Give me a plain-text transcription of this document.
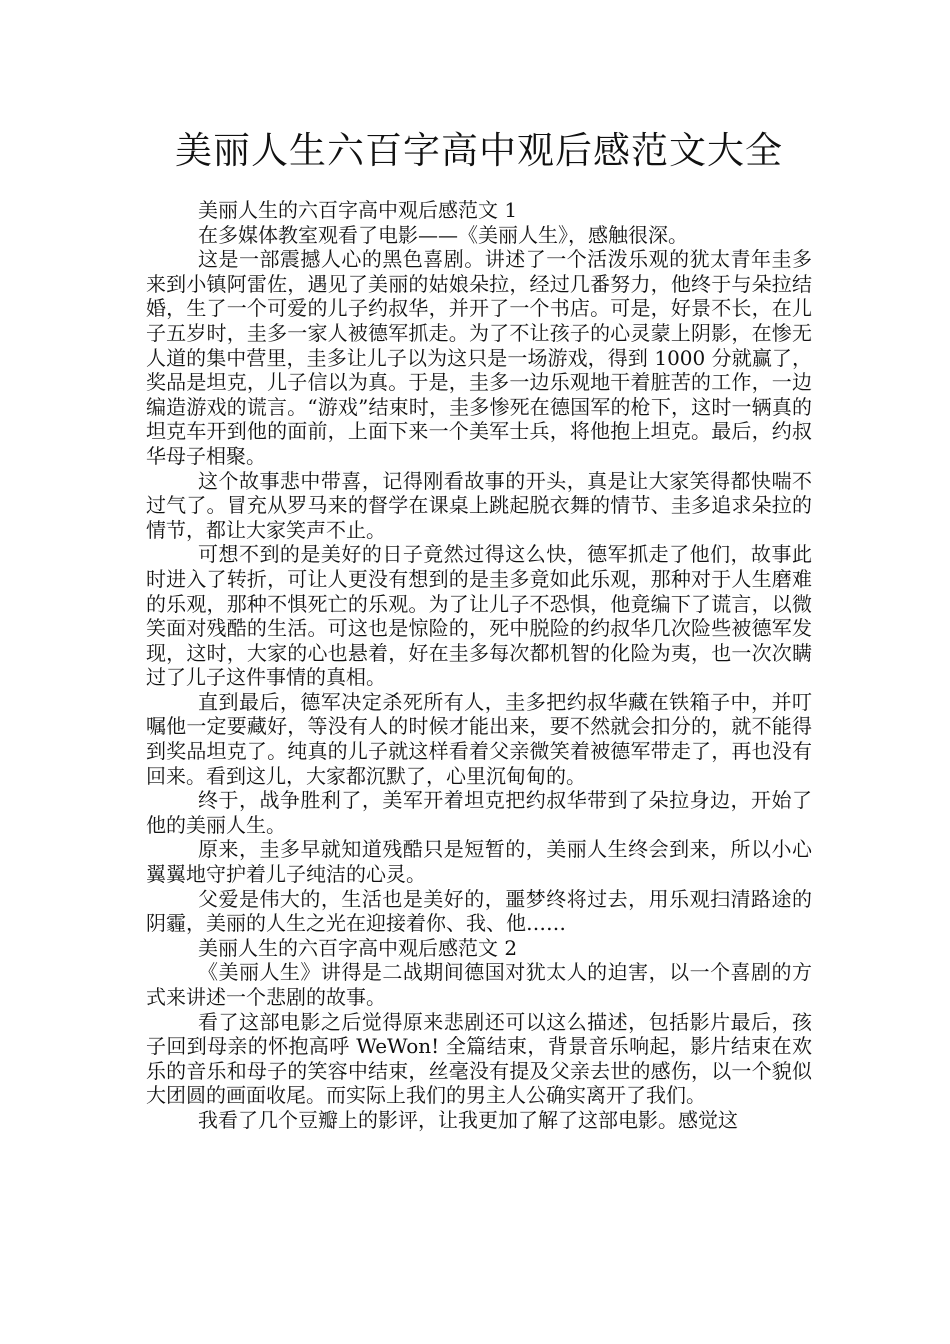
美丽人生六百字高中观后感范文大全

美丽人生的六百字高中观后感范文 1

在多媒体教室观看了电影——《美丽人生》，感触很深。

这是一部震撼人心的黑色喜剧。讲述了一个活泼乐观的犹太青年圭多来到小镇阿雷佐，遇见了美丽的姑娘朵拉，经过几番努力，他终于与朵拉结婚，生了一个可爱的儿子约叔华，并开了一个书店。可是，好景不长，在儿子五岁时，圭多一家人被德军抓走。为了不让孩子的心灵蒙上阴影，在惨无人道的集中营里，圭多让儿子以为这只是一场游戏，得到 1000 分就赢了，奖品是坦克，儿子信以为真。于是，圭多一边乐观地干着脏苦的工作，一边编造游戏的谎言。“游戏”结束时，圭多惨死在德国军的枪下，这时一辆真的坦克车开到他的面前，上面下来一个美军士兵，将他抱上坦克。最后，约叔华母子相聚。

这个故事悲中带喜，记得刚看故事的开头，真是让大家笑得都快喘不过气了。冒充从罗马来的督学在课桌上跳起脱衣舞的情节、圭多追求朵拉的情节，都让大家笑声不止。

可想不到的是美好的日子竟然过得这么快，德军抓走了他们，故事此时进入了转折，可让人更没有想到的是圭多竟如此乐观，那种对于人生磨难的乐观，那种不惧死亡的乐观。为了让儿子不恐惧，他竟编下了谎言，以微笑面对残酷的生活。可这也是惊险的，死中脱险的约叔华几次险些被德军发现，这时，大家的心也悬着，好在圭多每次都机智的化险为夷，也一次次瞒过了儿子这件事情的真相。

直到最后，德军决定杀死所有人，圭多把约叔华藏在铁箱子中，并叮嘱他一定要藏好，等没有人的时候才能出来，要不然就会扣分的，就不能得到奖品坦克了。纯真的儿子就这样看着父亲微笑着被德军带走了，再也没有回来。看到这儿，大家都沉默了，心里沉甸甸的。

终于，战争胜利了，美军开着坦克把约叔华带到了朵拉身边，开始了他的美丽人生。

原来，圭多早就知道残酷只是短暂的，美丽人生终会到来，所以小心翼翼地守护着儿子纯洁的心灵。

父爱是伟大的，生活也是美好的，噩梦终将过去，用乐观扫清路途的阴霾，美丽的人生之光在迎接着你、我、他……

美丽人生的六百字高中观后感范文 2

《美丽人生》讲得是二战期间德国对犹太人的迫害，以一个喜剧的方式来讲述一个悲剧的故事。

看了这部电影之后觉得原来悲剧还可以这么描述，包括影片最后，孩子回到母亲的怀抱高呼 WeWon! 全篇结束，背景音乐响起，影片结束在欢乐的音乐和母子的笑容中结束，丝毫没有提及父亲去世的感伤，以一个貌似大团圆的画面收尾。而实际上我们的男主人公确实离开了我们。

我看了几个豆瓣上的影评，让我更加了解了这部电影。感觉这
